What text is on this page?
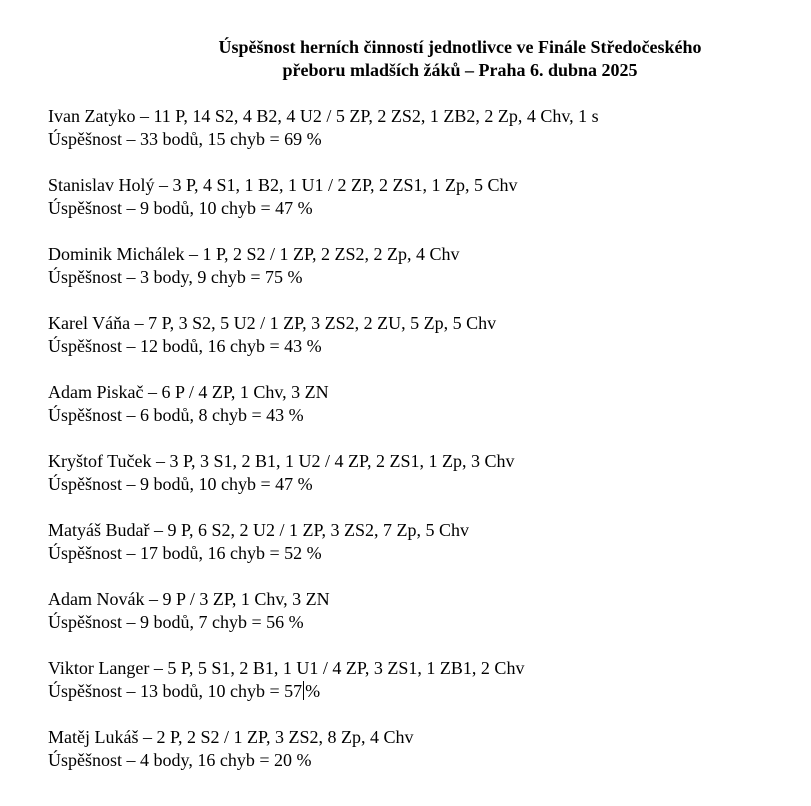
Úspěšnost herních činností jednotlivce ve Finále Středočeského
přeboru mladších žáků – Praha 6. dubna 2025
Ivan Zatyko – 11 P, 14 S2, 4 B2, 4 U2 / 5 ZP, 2 ZS2, 1 ZB2, 2 Zp, 4 Chv, 1 s
Úspěšnost – 33 bodů, 15 chyb = 69 %
Stanislav Holý – 3 P, 4 S1, 1 B2, 1 U1 / 2 ZP, 2 ZS1, 1 Zp, 5 Chv
Úspěšnost – 9 bodů, 10 chyb = 47 %
Dominik Michálek – 1 P, 2 S2 / 1 ZP, 2 ZS2, 2 Zp, 4 Chv
Úspěšnost – 3 body, 9 chyb = 75 %
Karel Váňa – 7 P, 3 S2, 5 U2 / 1 ZP, 3 ZS2, 2 ZU, 5 Zp, 5 Chv
Úspěšnost – 12 bodů, 16 chyb = 43 %
Adam Piskač – 6 P / 4 ZP, 1 Chv, 3 ZN
Úspěšnost – 6 bodů, 8 chyb = 43 %
Kryštof Tuček – 3 P, 3 S1, 2 B1, 1 U2 / 4 ZP, 2 ZS1, 1 Zp, 3 Chv
Úspěšnost – 9 bodů, 10 chyb = 47 %
Matyáš Budař – 9 P, 6 S2, 2 U2 / 1 ZP, 3 ZS2, 7 Zp, 5 Chv
Úspěšnost – 17 bodů, 16 chyb = 52 %
Adam Novák – 9 P / 3 ZP, 1 Chv, 3 ZN
Úspěšnost – 9 bodů, 7 chyb = 56 %
Viktor Langer – 5 P, 5 S1, 2 B1, 1 U1 / 4 ZP, 3 ZS1, 1 ZB1, 2 Chv
Úspěšnost – 13 bodů, 10 chyb = 57 %
Matěj Lukáš – 2 P, 2 S2 / 1 ZP, 3 ZS2, 8 Zp, 4 Chv
Úspěšnost – 4 body, 16 chyb = 20 %
